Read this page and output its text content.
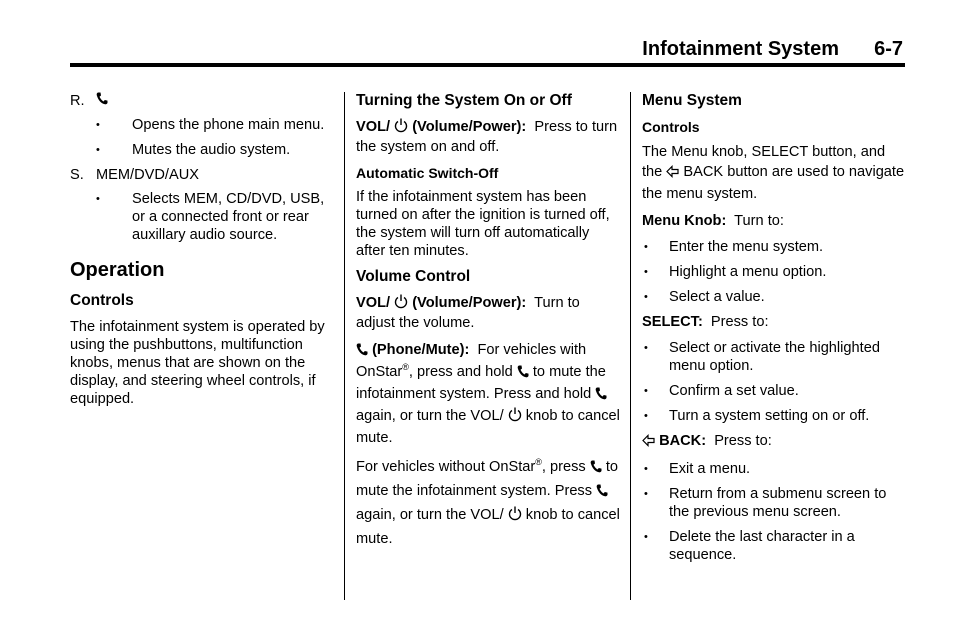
Infotainment System 6-7
R.
•	Opens the phone main menu.
•	Mutes the audio system.
S. MEM/DVD/AUX
•	Selects MEM, CD/DVD, USB, or a connected front or rear auxillary audio source.
Operation
Controls

The infotainment system is operated by using the pushbuttons, multifunction knobs, menus that are shown on the display, and steering wheel controls, if equipped.

Turning the System On or Off

VOL/ (Volume/Power): Press to turn the system on and off.

Automatic Switch-Off

If the infotainment system has been turned on after the ignition is turned off, the system will turn off automatically after ten minutes.

Volume Control

VOL/ (Volume/Power): Turn to adjust the volume.

(Phone/Mute): For vehicles with OnStar®, press and hold to mute the infotainment system. Press and hold  again, or turn the VOL/ knob to cancel mute.

For vehicles without OnStar®, press to mute the infotainment system. Press  again, or turn the VOL/ knob to cancel mute.

Menu System
Controls

The Menu knob, SELECT button, and the BACK button are used to navigate the menu system.

Menu Knob: Turn to:

•	Enter the menu system.
•	Highlight a menu option.
•	Select a value.

SELECT: Press to:

•	Select or activate the highlighted menu option.
•	Confirm a set value.
•	Turn a system setting on or off.

BACK: Press to:

•	Exit a menu.
•	Return from a submenu screen to the previous menu screen.
•	Delete the last character in a sequence.
